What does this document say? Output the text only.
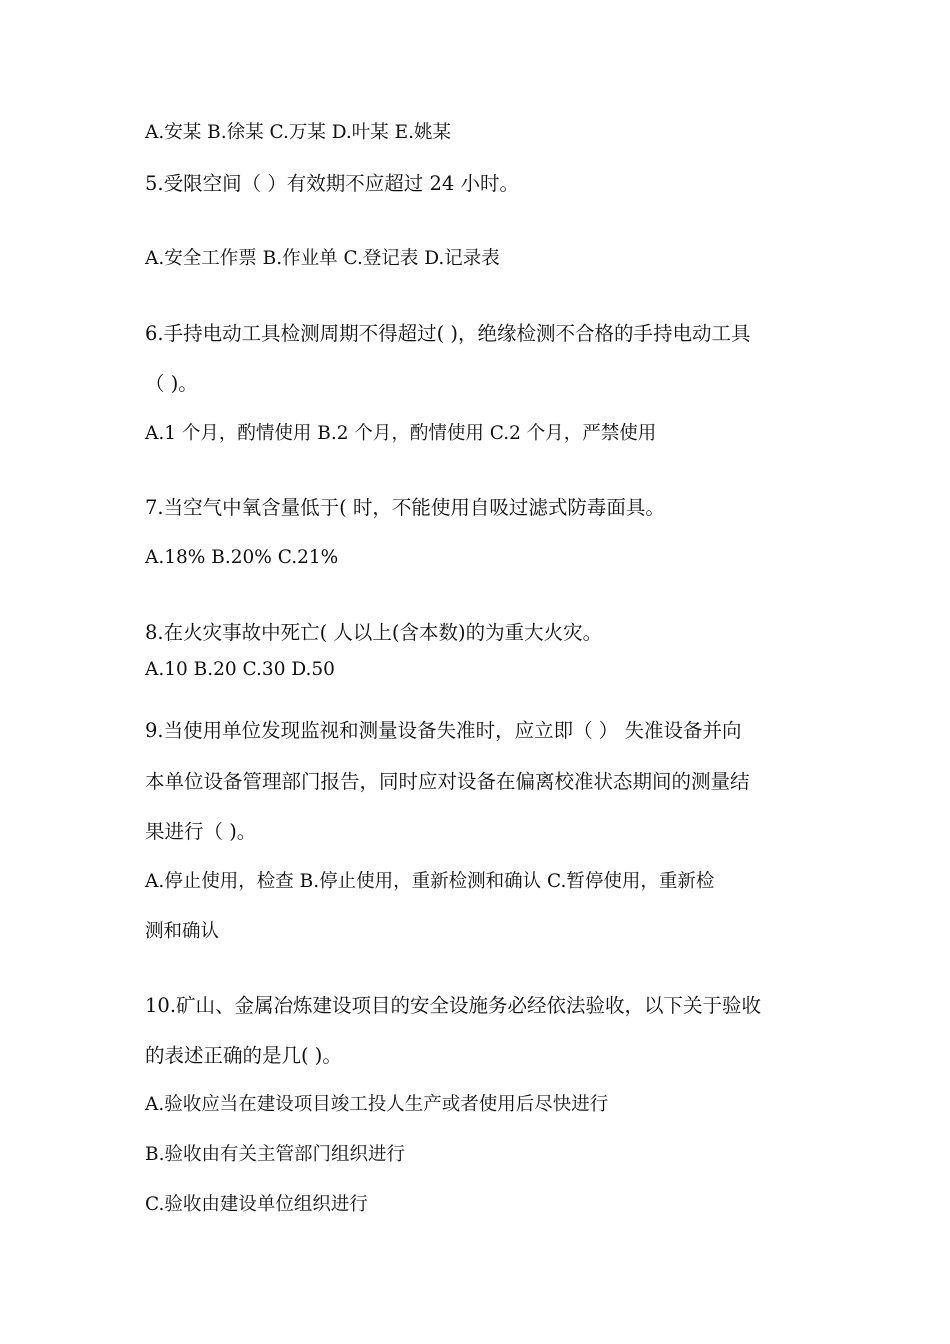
A.安某 B.徐某 C.万某 D.叶某 E.姚某
5.受限空间（ ）有效期不应超过 24 小时。
A.安全工作票 B.作业单 C.登记表 D.记录表
6.手持电动工具检测周期不得超过( )，绝缘检测不合格的手持电动工具
（ )。
A.1 个月，酌情使用 B.2 个月，酌情使用 C.2 个月，严禁使用
7.当空气中氧含量低于( 时，不能使用自吸过滤式防毒面具。
A.18% B.20% C.21%
8.在火灾事故中死亡( 人以上(含本数)的为重大火灾。
A.10 B.20 C.30 D.50
9.当使用单位发现监视和测量设备失准时，应立即（ ） 失准设备并向
本单位设备管理部门报告，同时应对设备在偏离校准状态期间的测量结
果进行（ )。
A.停止使用，检查 B.停止使用，重新检测和确认 C.暂停使用，重新检
测和确认
10.矿山、金属冶炼建设项目的安全设施务必经依法验收，以下关于验收
的表述正确的是几( )。
A.验收应当在建设项目竣工投人生产或者使用后尽快进行
B.验收由有关主管部门组织进行
C.验收由建设单位组织进行
